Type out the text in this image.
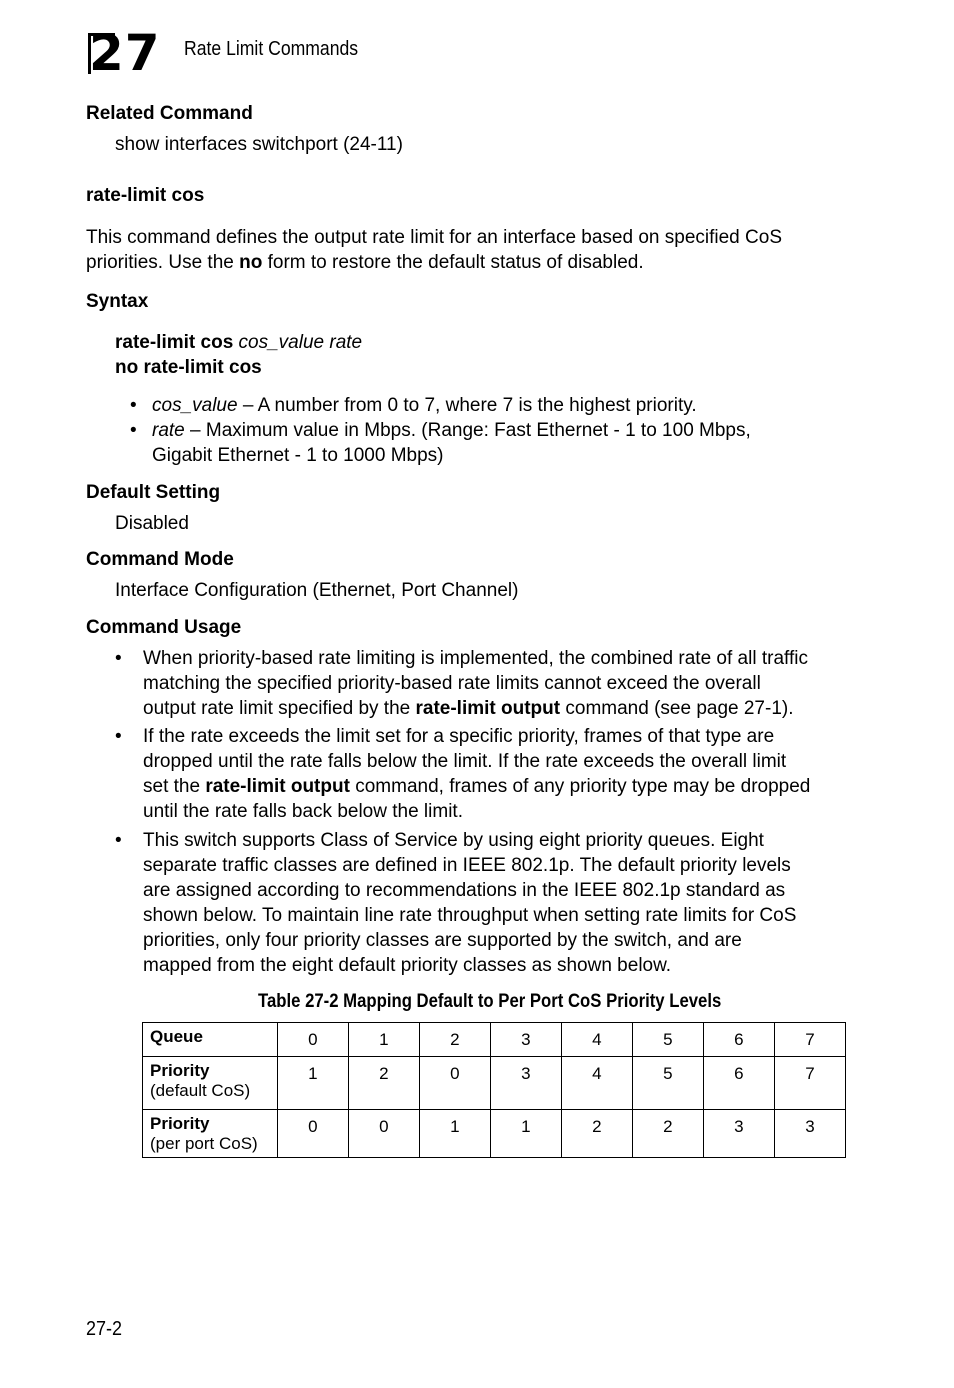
27 Rate Limit Commands
Related Command
show interfaces switchport (24-11)
rate-limit cos
This command defines the output rate limit for an interface based on specified CoS
priorities. Use the no form to restore the default status of disabled.
Syntax
rate-limit cos cos_value rate
no rate-limit cos
• cos_value – A number from 0 to 7, where 7 is the highest priority.
• rate – Maximum value in Mbps. (Range: Fast Ethernet - 1 to 100 Mbps,
Gigabit Ethernet - 1 to 1000 Mbps)
Default Setting
Disabled
Command Mode
Interface Configuration (Ethernet, Port Channel)
Command Usage
• When priority-based rate limiting is implemented, the combined rate of all traffic
matching the specified priority-based rate limits cannot exceed the overall
output rate limit specified by the rate-limit output command (see page 27-1).
• If the rate exceeds the limit set for a specific priority, frames of that type are
dropped until the rate falls below the limit. If the rate exceeds the overall limit
set the rate-limit output command, frames of any priority type may be dropped
until the rate falls back below the limit.
• This switch supports Class of Service by using eight priority queues. Eight
separate traffic classes are defined in IEEE 802.1p. The default priority levels
are assigned according to recommendations in the IEEE 802.1p standard as
shown below. To maintain line rate throughput when setting rate limits for CoS
priorities, only four priority classes are supported by the switch, and are
mapped from the eight default priority classes as shown below.
Table 27-2 Mapping Default to Per Port CoS Priority Levels
Queue	0	1	2	3	4	5	6	7

Priority
(default CoS)	1	2	0	3	4	5	6	7

Priority
(per port CoS)	0	0	1	1	2	2	3	3
27-2
